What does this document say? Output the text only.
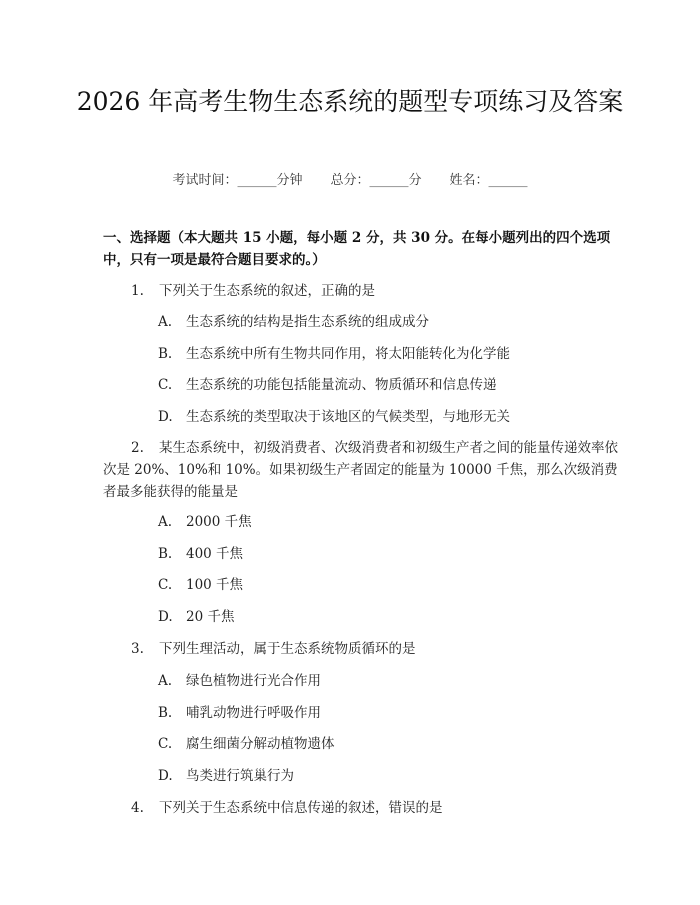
2026 年高考生物生态系统的题型专项练习及答案
考试时间：______分钟 总分：______分 姓名：______
一、选择题（本大题共 15 小题，每小题 2 分，共 30 分。在每小题列出的四个选项中，只有一项是最符合题目要求的。）
1. 下列关于生态系统的叙述，正确的是
A. 生态系统的结构是指生态系统的组成成分
B. 生态系统中所有生物共同作用，将太阳能转化为化学能
C. 生态系统的功能包括能量流动、物质循环和信息传递
D. 生态系统的类型取决于该地区的气候类型，与地形无关
2. 某生态系统中，初级消费者、次级消费者和初级生产者之间的能量传递效率依次是 20%、10%和 10%。如果初级生产者固定的能量为 10000 千焦，那么次级消费者最多能获得的能量是
A. 2000 千焦
B. 400 千焦
C. 100 千焦
D. 20 千焦
3. 下列生理活动，属于生态系统物质循环的是
A. 绿色植物进行光合作用
B. 哺乳动物进行呼吸作用
C. 腐生细菌分解动植物遗体
D. 鸟类进行筑巢行为
4. 下列关于生态系统中信息传递的叙述，错误的是
